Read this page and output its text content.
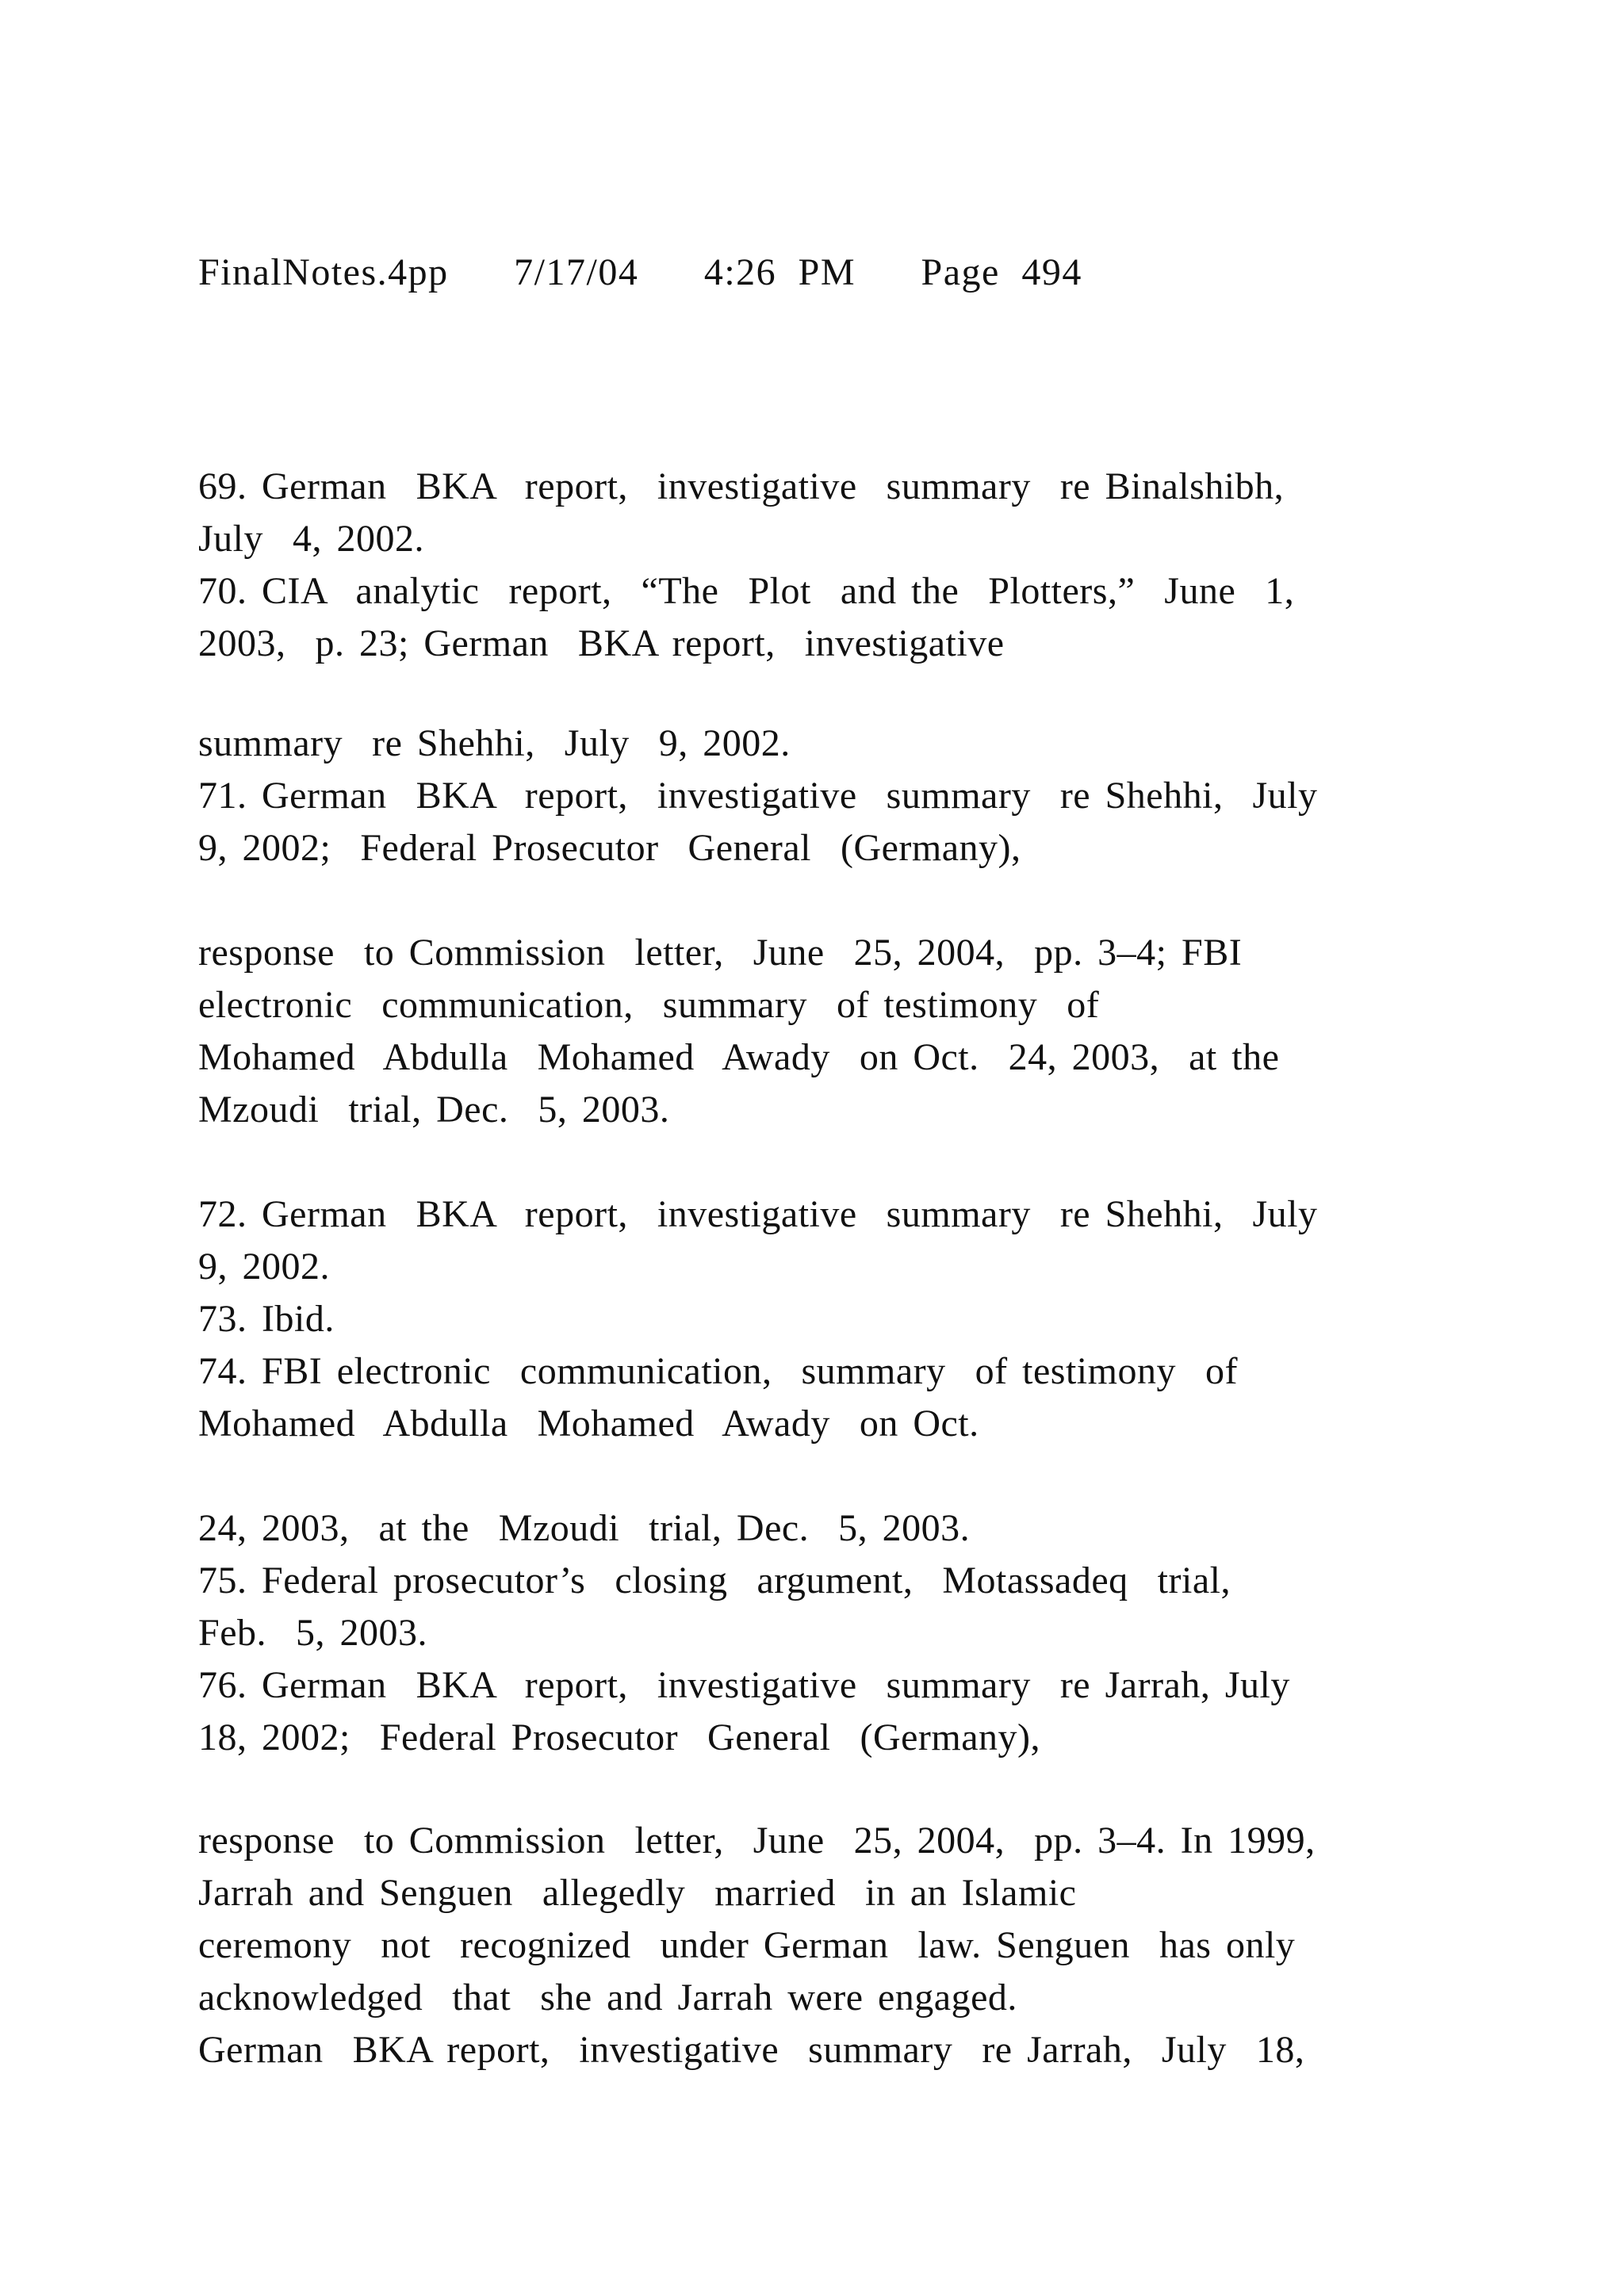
FinalNotes.4pp   7/17/04   4:26 PM   Page 494
69. German  BKA  report,  investigative  summary  re Binalshibh,
July  4, 2002.
70. CIA  analytic  report,  “The  Plot  and the  Plotters,”  June  1,
2003,  p. 23; German  BKA report,  investigative
summary  re Shehhi,  July  9, 2002.
71. German  BKA  report,  investigative  summary  re Shehhi,  July
9, 2002;  Federal Prosecutor  General  (Germany),
response  to Commission  letter,  June  25, 2004,  pp. 3–4; FBI
electronic  communication,  summary  of testimony  of
Mohamed  Abdulla  Mohamed  Awady  on Oct.  24, 2003,  at the
Mzoudi  trial, Dec.  5, 2003.
72. German  BKA  report,  investigative  summary  re Shehhi,  July
9, 2002.
73. Ibid.
74. FBI electronic  communication,  summary  of testimony  of
Mohamed  Abdulla  Mohamed  Awady  on Oct.
24, 2003,  at the  Mzoudi  trial, Dec.  5, 2003.
75. Federal prosecutor’s  closing  argument,  Motassadeq  trial,
Feb.  5, 2003.
76. German  BKA  report,  investigative  summary  re Jarrah, July
18, 2002;  Federal Prosecutor  General  (Germany),
response  to Commission  letter,  June  25, 2004,  pp. 3–4. In 1999,
Jarrah and Senguen  allegedly  married  in an Islamic
ceremony  not  recognized  under German  law. Senguen  has only
acknowledged  that  she and Jarrah were engaged.
German  BKA report,  investigative  summary  re Jarrah,  July  18,
